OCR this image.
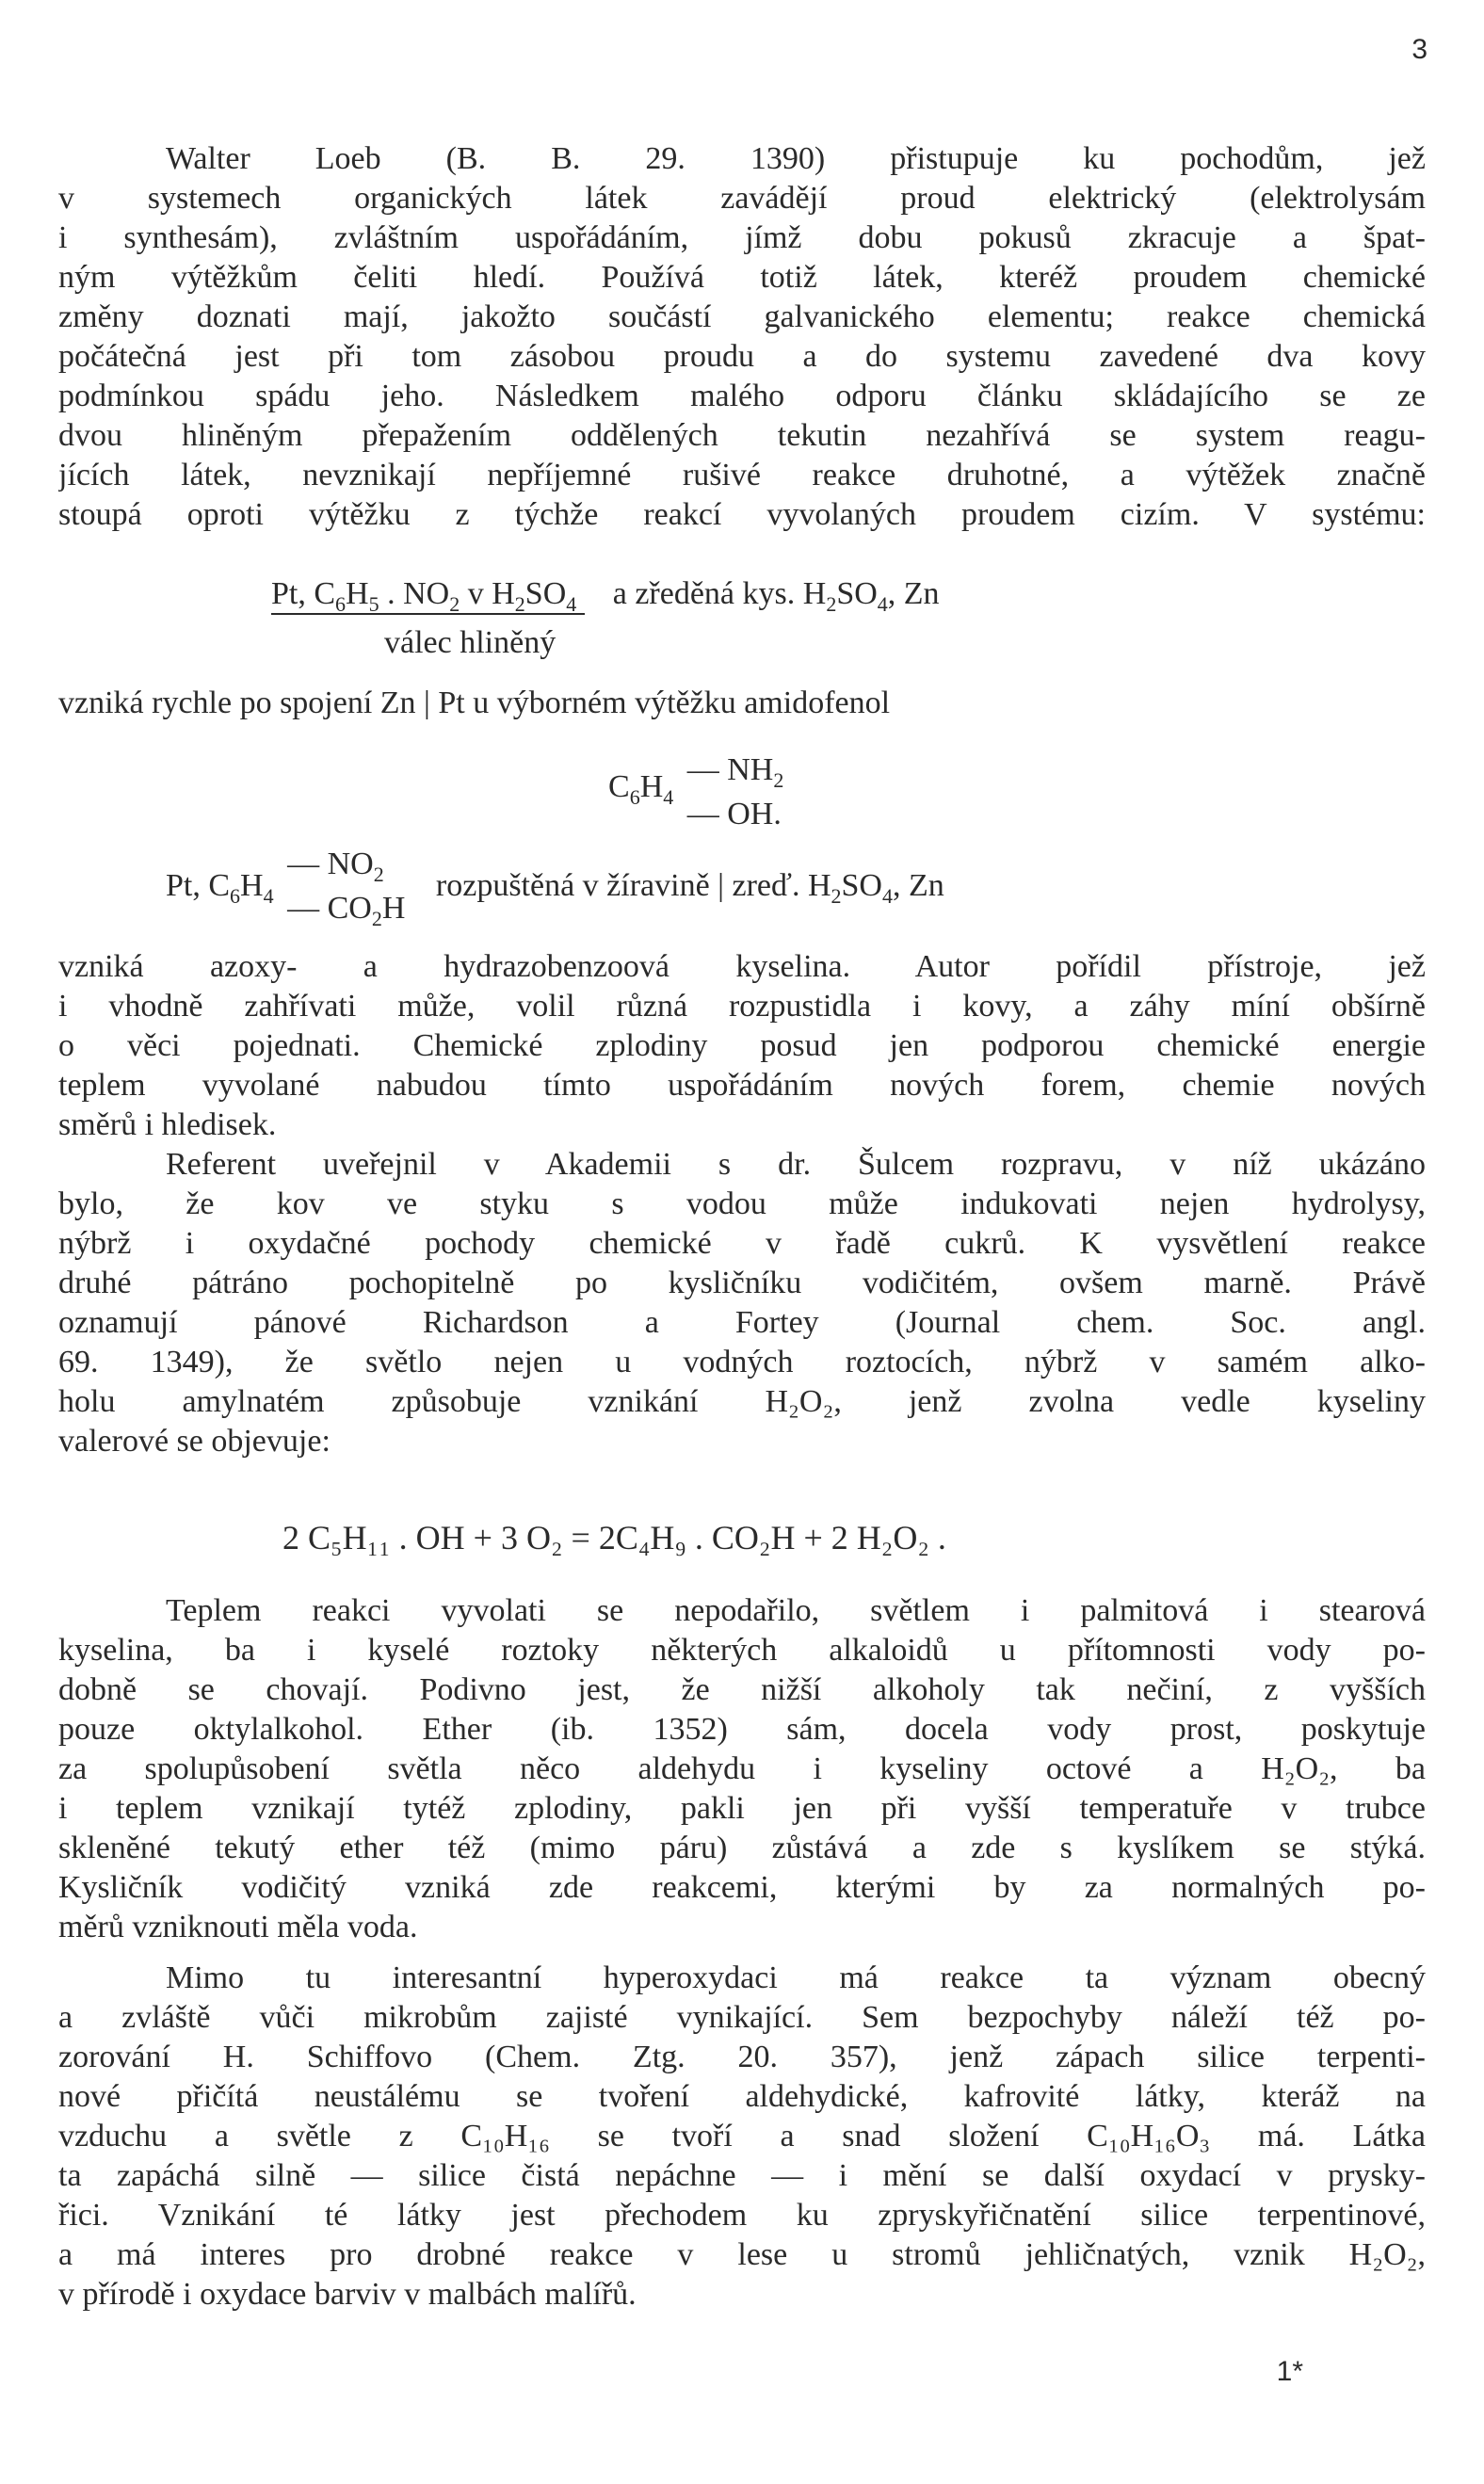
3
Walter Loeb (B. B. 29. 1390) přistupuje ku pochodům, jež
v systemech organických látek zavádějí proud elektrický (elektrolysám
i synthesám), zvláštním uspořádáním, jímž dobu pokusů zkracuje a špat-
ným výtěžkům čeliti hledí. Používá totiž látek, kteréž proudem chemické
změny doznati mají, jakožto součástí galvanického elementu; reakce chemická
počátečná jest při tom zásobou proudu a do systemu zavedené dva kovy
podmínkou spádu jeho. Následkem malého odporu článku skládajícího se ze
dvou hliněným přepažením oddělených tekutin nezahřívá se system reagu-
jících látek, nevznikají nepříjemné rušivé reakce druhotné, a výtěžek značně
stoupá oproti výtěžku z týchže reakcí vyvolaných proudem cizím. V systému:
Pt, $C_6H_5$ . $NO_2$ v $H_2SO_4$ a zředěná kys. $H_2SO_4$, Zn
válec hliněný
vzniká rychle po spojení Zn | Pt u výborném výtěžku amidofenol
$C_6H_4$
— $NH_2$
— OH.
Pt, $C_6H_4$
— $NO_2$
— $CO_2H$
rozpuštěná v žíravině | zreď. $H_2SO_4$, Zn
vzniká azoxy- a hydrazobenzoová kyselina. Autor pořídil přístroje, jež
i vhodně zahřívati může, volil různá rozpustidla i kovy, a záhy míní obšírně
o věci pojednati. Chemické zplodiny posud jen podporou chemické energie
teplem vyvolané nabudou tímto uspořádáním nových forem, chemie nových
směrů i hledisek.
Referent uveřejnil v Akademii s dr. Šulcem rozpravu, v níž ukázáno
bylo, že kov ve styku s vodou může indukovati nejen hydrolysy,
nýbrž i oxydačné pochody chemické v řadě cukrů. K vysvětlení reakce
druhé pátráno pochopitelně po kysličníku vodičitém, ovšem marně. Právě
oznamují pánové Richardson a Fortey (Journal chem. Soc. angl.
69. 1349), že světlo nejen u vodných roztocích, nýbrž v samém alko-
holu amylnatém způsobuje vznikání H₂O₂, jenž zvolna vedle kyseliny
valerové se objevuje:
2 C₅H₁₁ . OH + 3 O₂ = 2C₄H₉ . CO₂H + 2 H₂O₂ .
Teplem reakci vyvolati se nepodařilo, světlem i palmitová i stearová
kyselina, ba i kyselé roztoky některých alkaloidů u přítomnosti vody po-
dobně se chovají. Podivno jest, že nižší alkoholy tak nečiní, z vyšších
pouze oktylalkohol. Ether (ib. 1352) sám, docela vody prost, poskytuje
za spolupůsobení světla něco aldehydu i kyseliny octové a H₂O₂, ba
i teplem vznikají tytéž zplodiny, pakli jen při vyšší temperatuře v trubce
skleněné tekutý ether též (mimo páru) zůstává a zde s kyslíkem se stýká.
Kysličník vodičitý vzniká zde reakcemi, kterými by za normalných po-
měrů vzniknouti měla voda.
Mimo tu interesantní hyperoxydaci má reakce ta význam obecný
a zvláště vůči mikrobům zajisté vynikající. Sem bezpochyby náleží též po-
zorování H. Schiffovo (Chem. Ztg. 20. 357), jenž zápach silice terpenti-
nové přičítá neustálému se tvoření aldehydické, kafrovité látky, kteráž na
vzduchu a světle z C₁₀H₁₆ se tvoří a snad složení C₁₀H₁₆O₃ má. Látka
ta zapáchá silně — silice čistá nepáchne — i mění se další oxydací v prysky-
řici. Vznikání té látky jest přechodem ku zpryskyřičnatění silice terpentinové,
a má interes pro drobné reakce v lese u stromů jehličnatých, vznik H₂O₂,
v přírodě i oxydace barviv v malbách malířů.
1*
